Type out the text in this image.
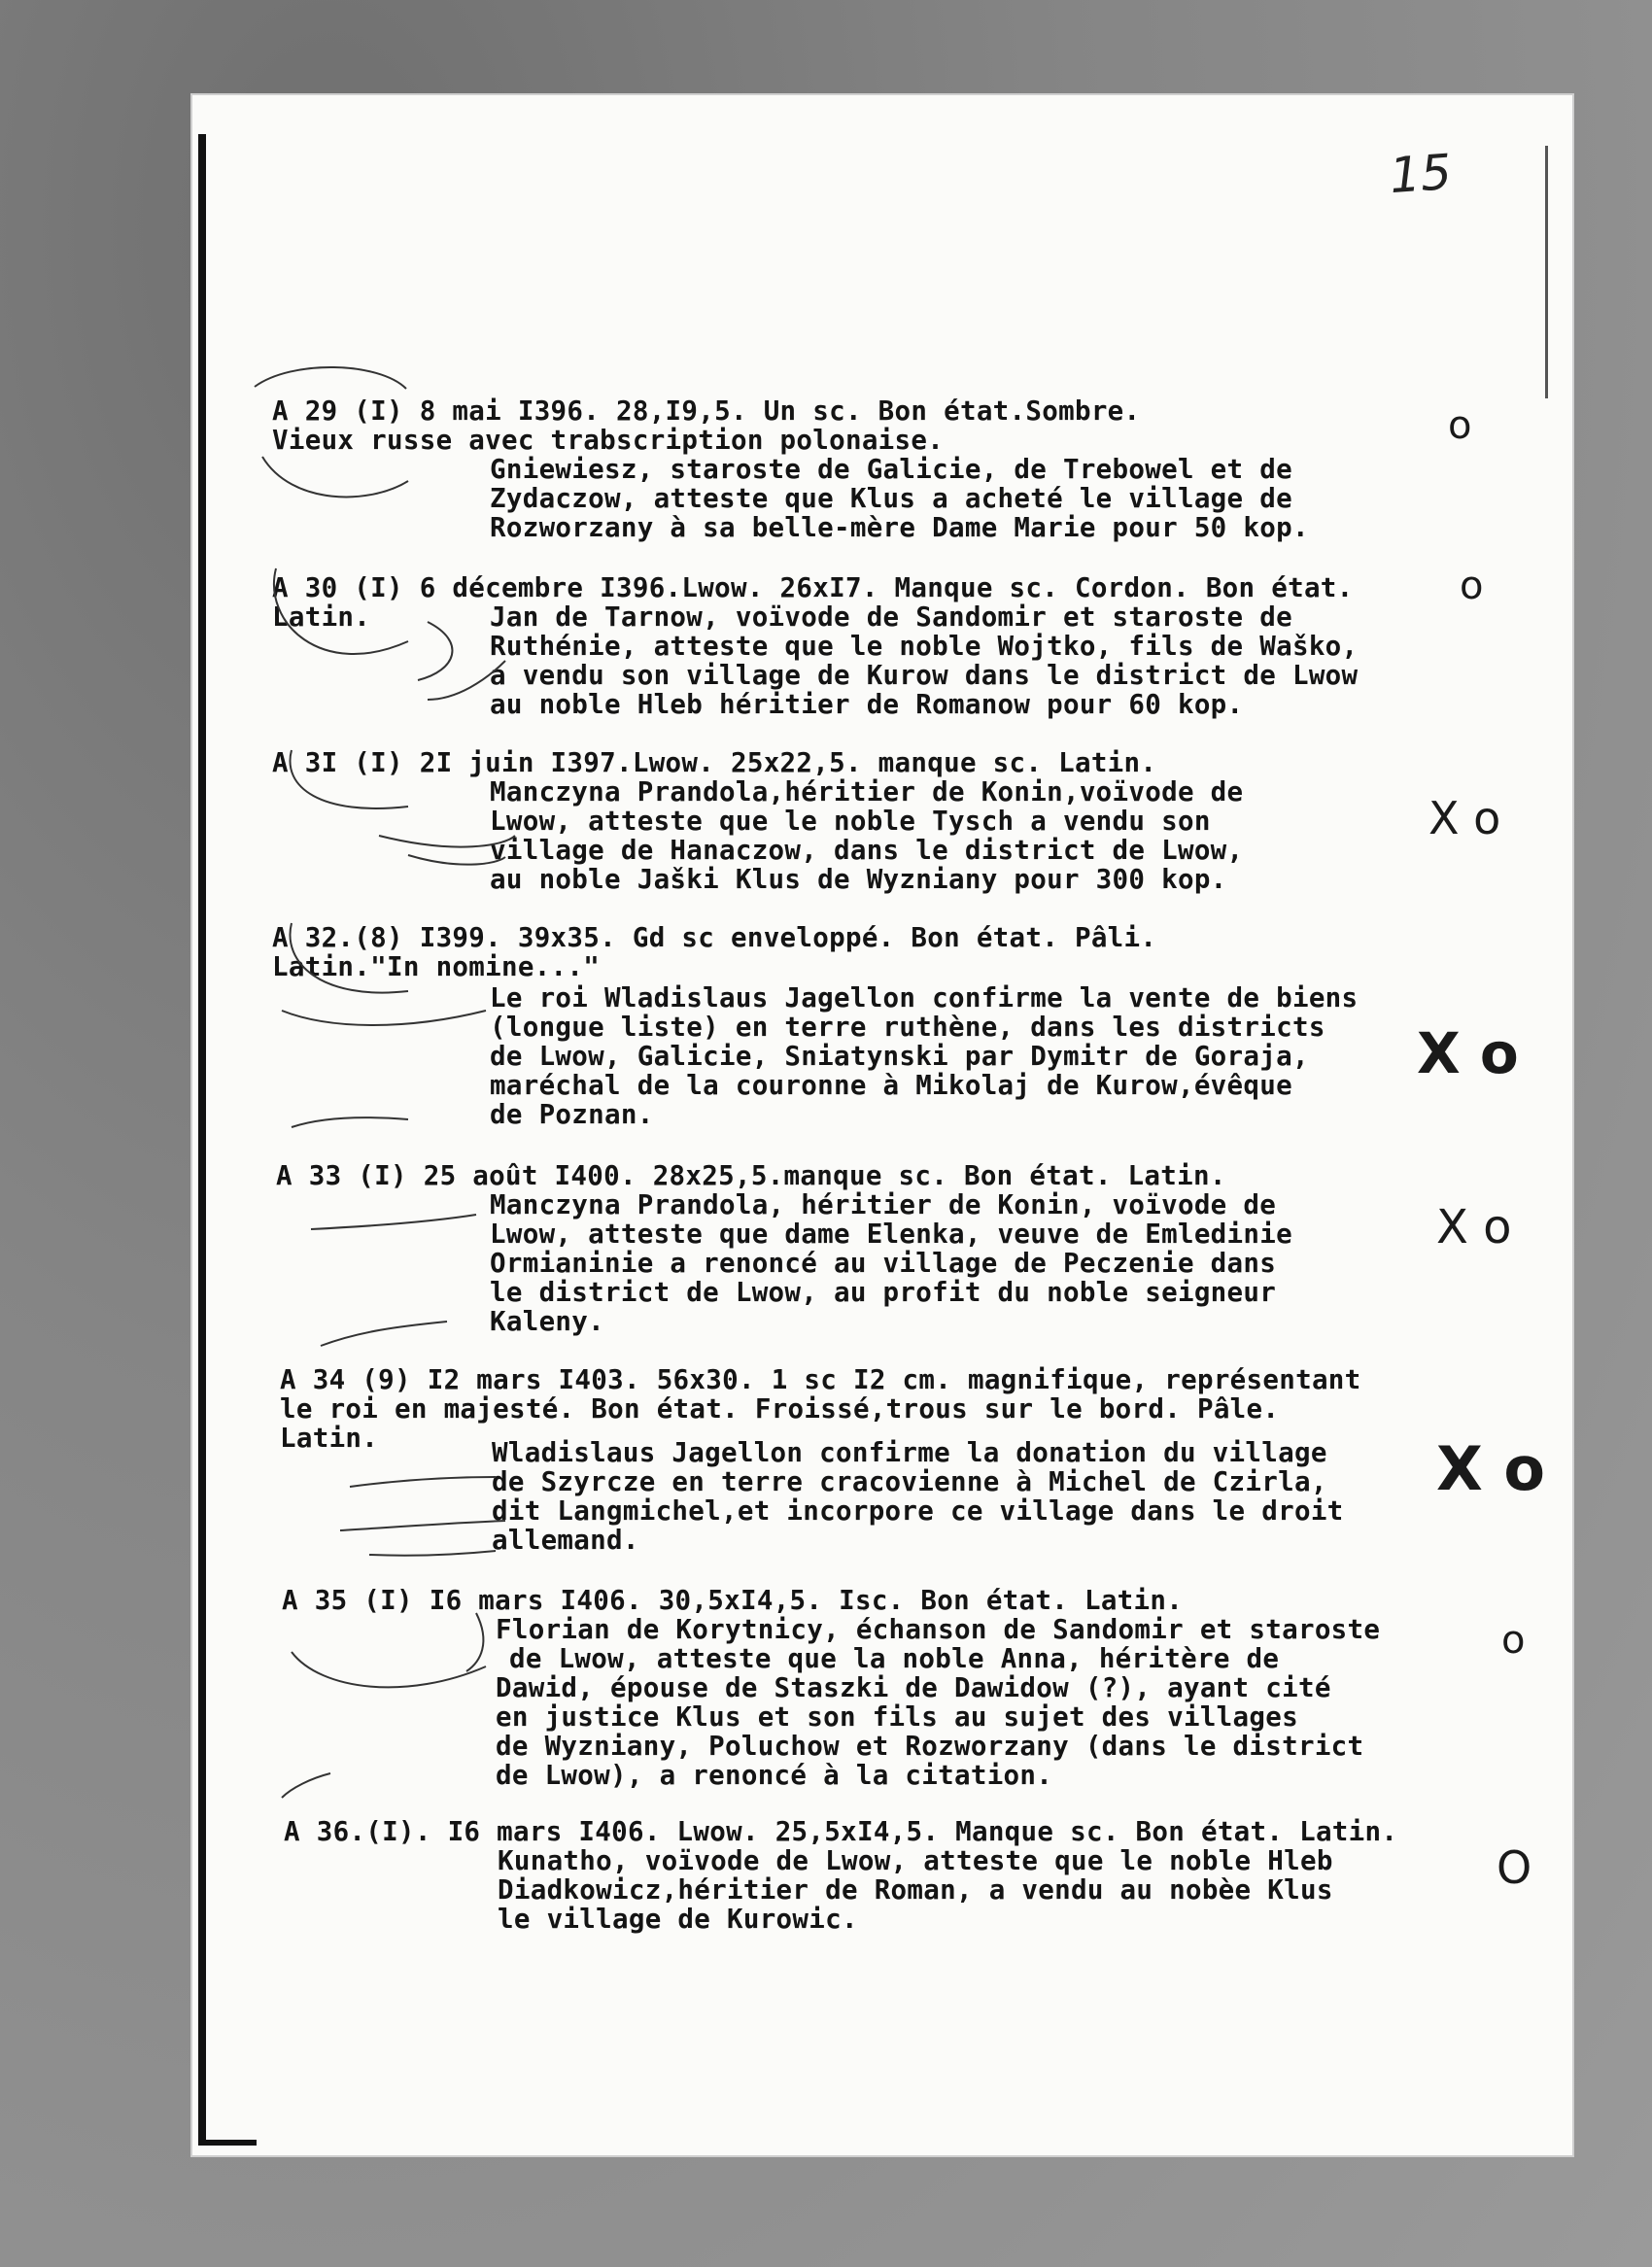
15
A 29 (I) 8 mai I396. 28,I9,5. Un sc. Bon état.Sombre.
Vieux russe avec trabscription polonaise.
Gniewiesz, staroste de Galicie, de Trebowel et de
Zydaczow, atteste que Klus a acheté le village de
Rozworzany à sa belle-mère Dame Marie pour 50 kop.
o
A 30 (I) 6 décembre I396.Lwow. 26xI7. Manque sc. Cordon. Bon état.
Latin.	Jan de Tarnow, voïvode de Sandomir et staroste de
Ruthénie, atteste que le noble Wojtko, fils de Waško,
a vendu son village de Kurow dans le district de Lwow
au noble Hleb héritier de Romanow pour 60 kop.
o
A 3I (I) 2I juin I397.Lwow. 25x22,5. manque sc. Latin.
Manczyna Prandola,héritier de Konin,voïvode de
Lwow, atteste que le noble Tysch a vendu son
village de Hanaczow, dans le district de Lwow,
au noble Jaški Klus de Wyzniany pour 300 kop.
X o
A 32.(8) I399. 39x35. Gd sc enveloppé. Bon état. Pâli.
Latin."In nomine..."
Le roi Wladislaus Jagellon confirme la vente de biens
(longue liste) en terre ruthène, dans les districts
de Lwow, Galicie, Sniatynski par Dymitr de Goraja,
maréchal de la couronne à Mikolaj de Kurow,évêque
de Poznan.
X o
A 33 (I) 25 août I400. 28x25,5.manque sc. Bon état. Latin.
Manczyna Prandola, héritier de Konin, voïvode de
Lwow, atteste que dame Elenka, veuve de Emledinie
Ormianinie a renoncé au village de Peczenie dans
le district de Lwow, au profit du noble seigneur
Kaleny.
X o
A 34 (9) I2 mars I403. 56x30. 1 sc I2 cm. magnifique, représentant
le roi en majesté. Bon état. Froissé,trous sur le bord. Pâle.
Latin.	Wladislaus Jagellon confirme la donation du village
de Szyrcze en terre cracovienne à Michel de Czirla,
dit Langmichel,et incorpore ce village dans le droit
allemand.
X o
A 35 (I) I6 mars I406. 30,5xI4,5. Isc. Bon état. Latin.
Florian de Korytnicy, échanson de Sandomir et staroste
de Lwow, atteste que la noble Anna, héritère de
Dawid, épouse de Staszki de Dawidow (?), ayant cité
en justice Klus et son fils au sujet des villages
de Wyzniany, Poluchow et Rozworzany (dans le district
de Lwow), a renoncé à la citation.
o
A 36.(I). I6 mars I406. Lwow. 25,5xI4,5. Manque sc. Bon état. Latin.
Kunatho, voïvode de Lwow, atteste que le noble Hleb
Diadkowicz,héritier de Roman, a vendu au nobèe Klus
le village de Kurowic.
O
